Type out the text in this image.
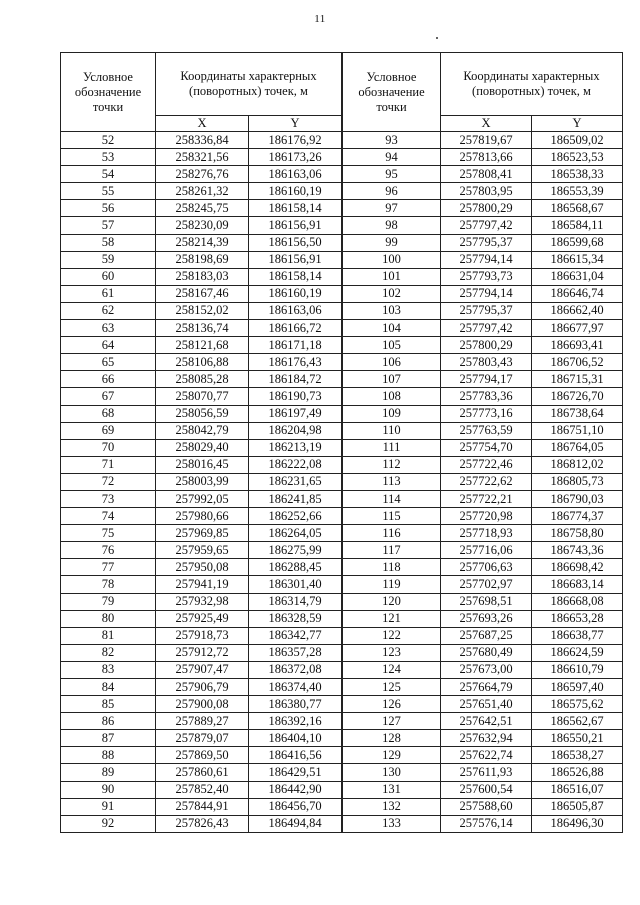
11
Условное обозначение точки	Координаты характерных (поворотных) точек, м	
	X	Y
52	258336,84	186176,92
53	258321,56	186173,26
54	258276,76	186163,06
55	258261,32	186160,19
56	258245,75	186158,14
57	258230,09	186156,91
58	258214,39	186156,50
59	258198,69	186156,91
60	258183,03	186158,14
61	258167,46	186160,19
62	258152,02	186163,06
63	258136,74	186166,72
64	258121,68	186171,18
65	258106,88	186176,43
66	258085,28	186184,72
67	258070,77	186190,73
68	258056,59	186197,49
69	258042,79	186204,98
70	258029,40	186213,19
71	258016,45	186222,08
72	258003,99	186231,65
73	257992,05	186241,85
74	257980,66	186252,66
75	257969,85	186264,05
76	257959,65	186275,99
77	257950,08	186288,45
78	257941,19	186301,40
79	257932,98	186314,79
80	257925,49	186328,59
81	257918,73	186342,77
82	257912,72	186357,28
83	257907,47	186372,08
84	257906,79	186374,40
85	257900,08	186380,77
86	257889,27	186392,16
87	257879,07	186404,10
88	257869,50	186416,56
89	257860,61	186429,51
90	257852,40	186442,90
91	257844,91	186456,70
92	257826,43	186494,84
Условное обозначение точки	Координаты характерных (поворотных) точек, м	
	X	Y
93	257819,67	186509,02
94	257813,66	186523,53
95	257808,41	186538,33
96	257803,95	186553,39
97	257800,29	186568,67
98	257797,42	186584,11
99	257795,37	186599,68
100	257794,14	186615,34
101	257793,73	186631,04
102	257794,14	186646,74
103	257795,37	186662,40
104	257797,42	186677,97
105	257800,29	186693,41
106	257803,43	186706,52
107	257794,17	186715,31
108	257783,36	186726,70
109	257773,16	186738,64
110	257763,59	186751,10
111	257754,70	186764,05
112	257722,46	186812,02
113	257722,62	186805,73
114	257722,21	186790,03
115	257720,98	186774,37
116	257718,93	186758,80
117	257716,06	186743,36
118	257706,63	186698,42
119	257702,97	186683,14
120	257698,51	186668,08
121	257693,26	186653,28
122	257687,25	186638,77
123	257680,49	186624,59
124	257673,00	186610,79
125	257664,79	186597,40
126	257651,40	186575,62
127	257642,51	186562,67
128	257632,94	186550,21
129	257622,74	186538,27
130	257611,93	186526,88
131	257600,54	186516,07
132	257588,60	186505,87
133	257576,14	186496,30
